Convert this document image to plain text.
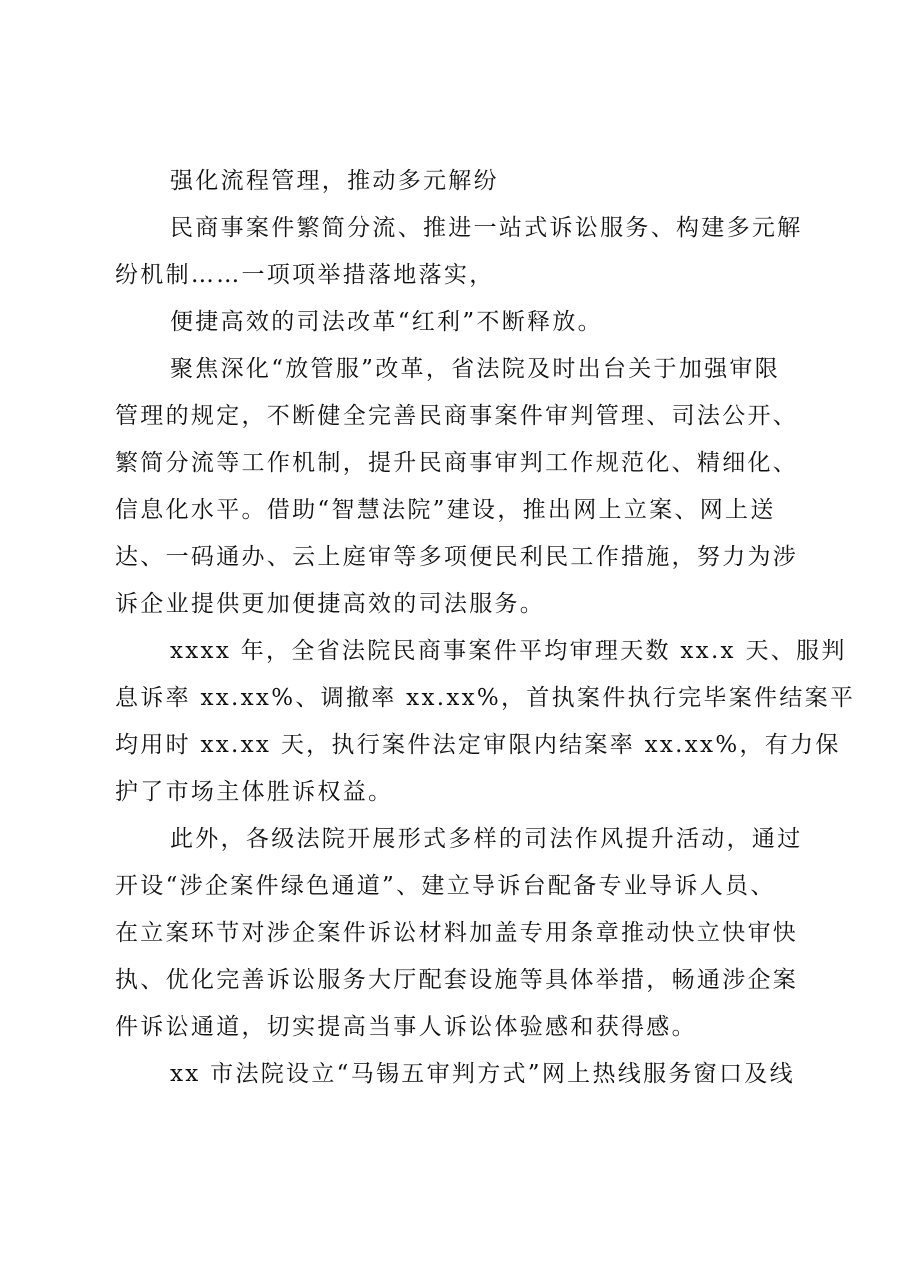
强化流程管理，推动多元解纷

民商事案件繁简分流、推进一站式诉讼服务、构建多元解
纷机制……一项项举措落地落实，

便捷高效的司法改革“红利”不断释放。

聚焦深化“放管服”改革，省法院及时出台关于加强审限
管理的规定，不断健全完善民商事案件审判管理、司法公开、
繁简分流等工作机制，提升民商事审判工作规范化、精细化、
信息化水平。借助“智慧法院”建设，推出网上立案、网上送
达、一码通办、云上庭审等多项便民利民工作措施，努力为涉
诉企业提供更加便捷高效的司法服务。

xxxx 年，全省法院民商事案件平均审理天数 xx.x 天、服判
息诉率 xx.xx%、调撤率 xx.xx%，首执案件执行完毕案件结案平
均用时 xx.xx 天，执行案件法定审限内结案率 xx.xx%，有力保
护了市场主体胜诉权益。

此外，各级法院开展形式多样的司法作风提升活动，通过
开设“涉企案件绿色通道”、建立导诉台配备专业导诉人员、
在立案环节对涉企案件诉讼材料加盖专用条章推动快立快审快
执、优化完善诉讼服务大厅配套设施等具体举措，畅通涉企案
件诉讼通道，切实提高当事人诉讼体验感和获得感。

xx 市法院设立“马锡五审判方式”网上热线服务窗口及线
